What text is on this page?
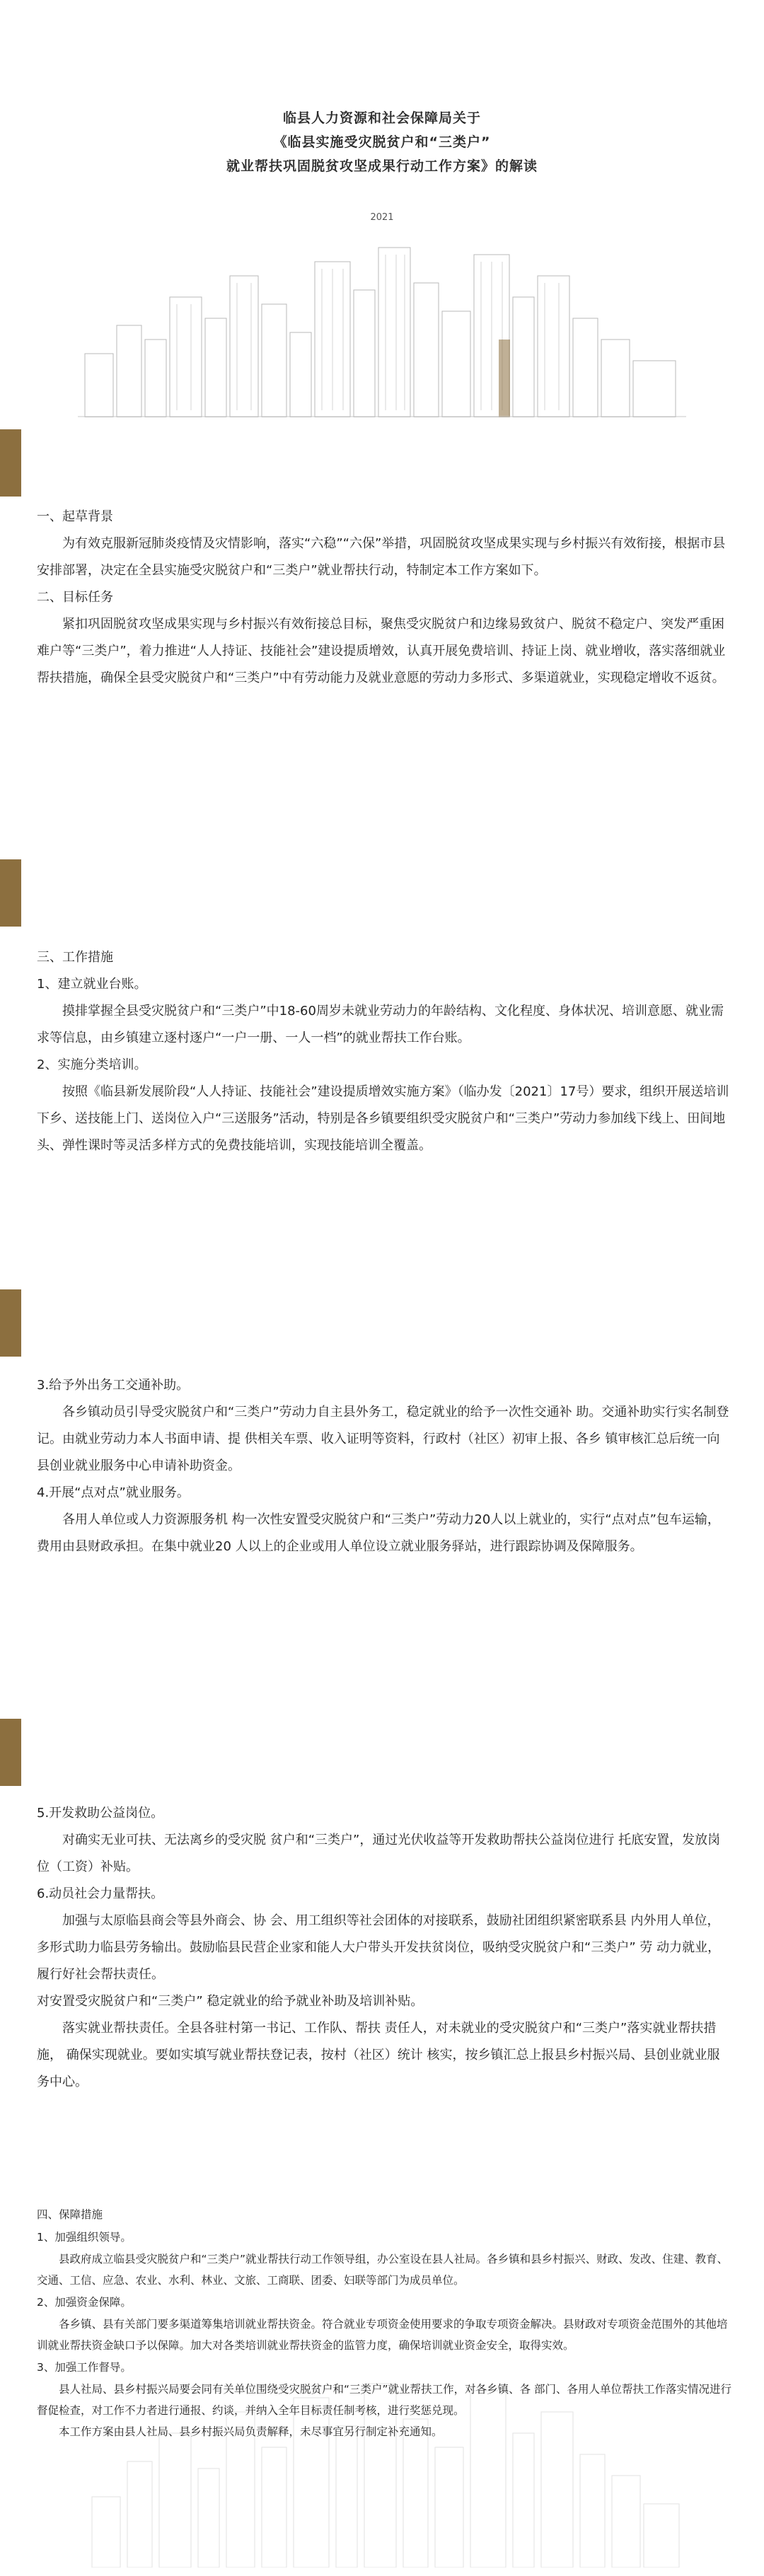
临县人力资源和社会保障局关于
《临县实施受灾脱贫户和“三类户”
就业帮扶巩固脱贫攻坚成果行动工作方案》的解读
2021

一、起草背景

为有效克服新冠肺炎疫情及灾情影响，落实“六稳”“六保”举措，巩固脱贫攻坚成果实现与乡村振兴有效衔接，根据市县安排部署，决定在全县实施受灾脱贫户和“三类户”就业帮扶行动，特制定本工作方案如下。

二、目标任务

紧扣巩固脱贫攻坚成果实现与乡村振兴有效衔接总目标，聚焦受灾脱贫户和边缘易致贫户、脱贫不稳定户、突发严重困难户等“三类户”，着力推进“人人持证、技能社会”建设提质增效，认真开展免费培训、持证上岗、就业增收，落实落细就业帮扶措施，确保全县受灾脱贫户和“三类户”中有劳动能力及就业意愿的劳动力多形式、多渠道就业，实现稳定增收不返贫。

三、工作措施

1、建立就业台账。

摸排掌握全县受灾脱贫户和“三类户”中18-60周岁未就业劳动力的年龄结构、文化程度、身体状况、培训意愿、就业需求等信息，由乡镇建立逐村逐户“一户一册、一人一档”的就业帮扶工作台账。

2、实施分类培训。

按照《临县新发展阶段“人人持证、技能社会”建设提质增效实施方案》（临办发〔2021〕17号）要求，组织开展送培训下乡、送技能上门、送岗位入户“三送服务”活动，特别是各乡镇要组织受灾脱贫户和“三类户”劳动力参加线下线上、田间地头、弹性课时等灵活多样方式的免费技能培训，实现技能培训全覆盖。

3.给予外出务工交通补助。

各乡镇动员引导受灾脱贫户和“三类户”劳动力自主县外务工，稳定就业的给予一次性交通补 助。交通补助实行实名制登记。由就业劳动力本人书面申请、提 供相关车票、收入证明等资料，行政村（社区）初审上报、各乡 镇审核汇总后统一向县创业就业服务中心申请补助资金。

4.开展“点对点”就业服务。

各用人单位或人力资源服务机 构一次性安置受灾脱贫户和“三类户”劳动力20人以上就业的，实行“点对点”包车运输，费用由县财政承担。在集中就业20 人以上的企业或用人单位设立就业服务驿站，进行跟踪协调及保障服务。

5.开发救助公益岗位。

对确实无业可扶、无法离乡的受灾脱 贫户和“三类户”，通过光伏收益等开发救助帮扶公益岗位进行 托底安置，发放岗位（工资）补贴。

6.动员社会力量帮扶。

加强与太原临县商会等县外商会、协 会、用工组织等社会团体的对接联系，鼓励社团组织紧密联系县 内外用人单位，多形式助力临县劳务输出。鼓励临县民营企业家和能人大户带头开发扶贫岗位，吸纳受灾脱贫户和“三类户” 劳 动力就业，履行好社会帮扶责任。

对安置受灾脱贫户和“三类户” 稳定就业的给予就业补助及培训补贴。

落实就业帮扶责任。全县各驻村第一书记、工作队、帮扶 责任人，对未就业的受灾脱贫户和“三类户”落实就业帮扶措施， 确保实现就业。要如实填写就业帮扶登记表，按村（社区）统计 核实，按乡镇汇总上报县乡村振兴局、县创业就业服务中心。

四、保障措施

1、加强组织领导。

县政府成立临县受灾脱贫户和“三类户”就业帮扶行动工作领导组，办公室设在县人社局。各乡镇和县乡村振兴、财政、发改、住建、教育、交通、工信、应急、农业、水利、林业、文旅、工商联、团委、妇联等部门为成员单位。

2、加强资金保障。

各乡镇、县有关部门要多渠道筹集培训就业帮扶资金。符合就业专项资金使用要求的争取专项资金解决。县财政对专项资金范围外的其他培训就业帮扶资金缺口予以保障。加大对各类培训就业帮扶资金的监管力度，确保培训就业资金安全，取得实效。

3、加强工作督导。

县人社局、县乡村振兴局要会同有关单位围绕受灾脱贫户和“三类户”就业帮扶工作，对各乡镇、各 部门、各用人单位帮扶工作落实情况进行督促检查，对工作不力者进行通报、约谈，并纳入全年目标责任制考核，进行奖惩兑现。

本工作方案由县人社局、县乡村振兴局负责解释，未尽事宜另行制定补充通知。
